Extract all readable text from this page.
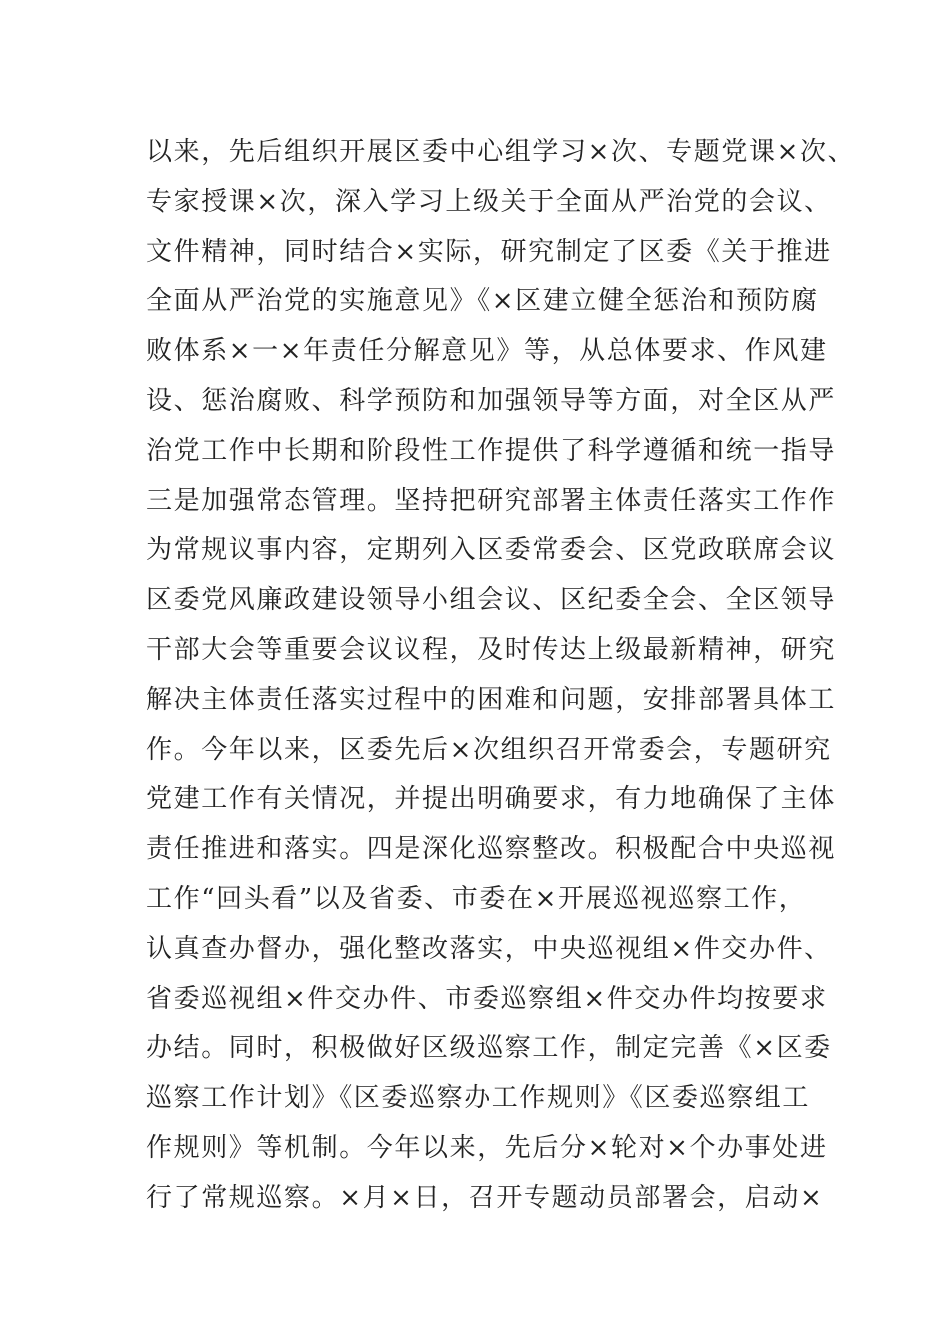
以来，先后组织开展区委中心组学习×次、专题党课×次、
专家授课×次，深入学习上级关于全面从严治党的会议、
文件精神，同时结合×实际，研究制定了区委《关于推进
全面从严治党的实施意见》《×区建立健全惩治和预防腐
败体系×一×年责任分解意见》等，从总体要求、作风建
设、惩治腐败、科学预防和加强领导等方面，对全区从严
治党工作中长期和阶段性工作提供了科学遵循和统一指导
三是加强常态管理。坚持把研究部署主体责任落实工作作
为常规议事内容，定期列入区委常委会、区党政联席会议
区委党风廉政建设领导小组会议、区纪委全会、全区领导
干部大会等重要会议议程，及时传达上级最新精神，研究
解决主体责任落实过程中的困难和问题，安排部署具体工
作。今年以来，区委先后×次组织召开常委会，专题研究
党建工作有关情况，并提出明确要求，有力地确保了主体
责任推进和落实。四是深化巡察整改。积极配合中央巡视
工作“回头看”以及省委、市委在×开展巡视巡察工作，
认真查办督办，强化整改落实，中央巡视组×件交办件、
省委巡视组×件交办件、市委巡察组×件交办件均按要求
办结。同时，积极做好区级巡察工作，制定完善《×区委
巡察工作计划》《区委巡察办工作规则》《区委巡察组工
作规则》等机制。今年以来，先后分×轮对×个办事处进
行了常规巡察。×月×日，召开专题动员部署会，启动×
